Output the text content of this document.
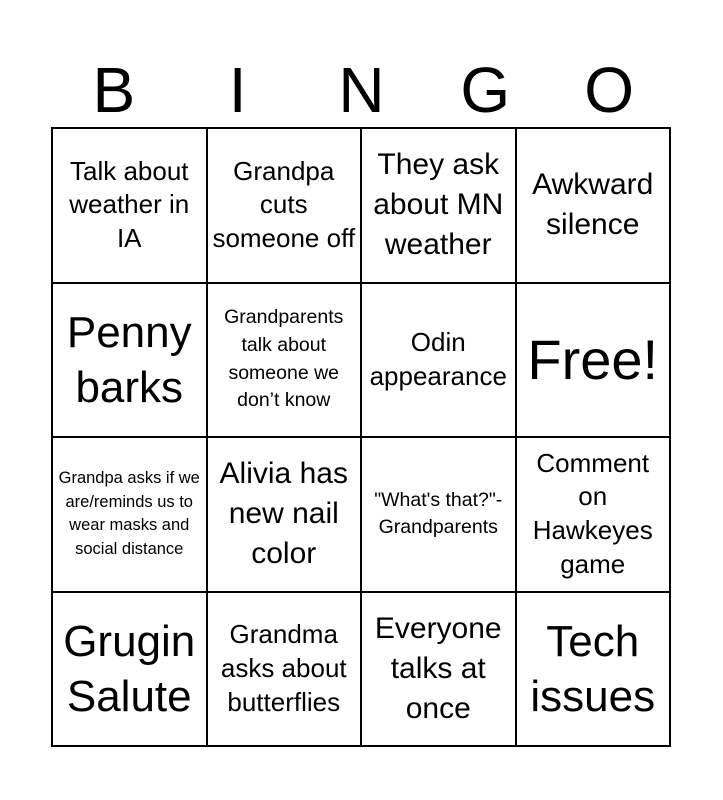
B	I	N	G	O
Talk about weather in IA
Grandpa cuts someone off
They ask about MN weather
Awkward silence
Penny barks
Grandparents talk about someone we don’t know
Odin appearance Free!
Grandpa asks if we are/reminds us to wear masks and social distance
Alivia has new nail color
"What's that?"- Grandparents
Comment on Hawkeyes game
Grugin Salute
Grandma asks about butterflies
Everyone talks at once
Tech issues
